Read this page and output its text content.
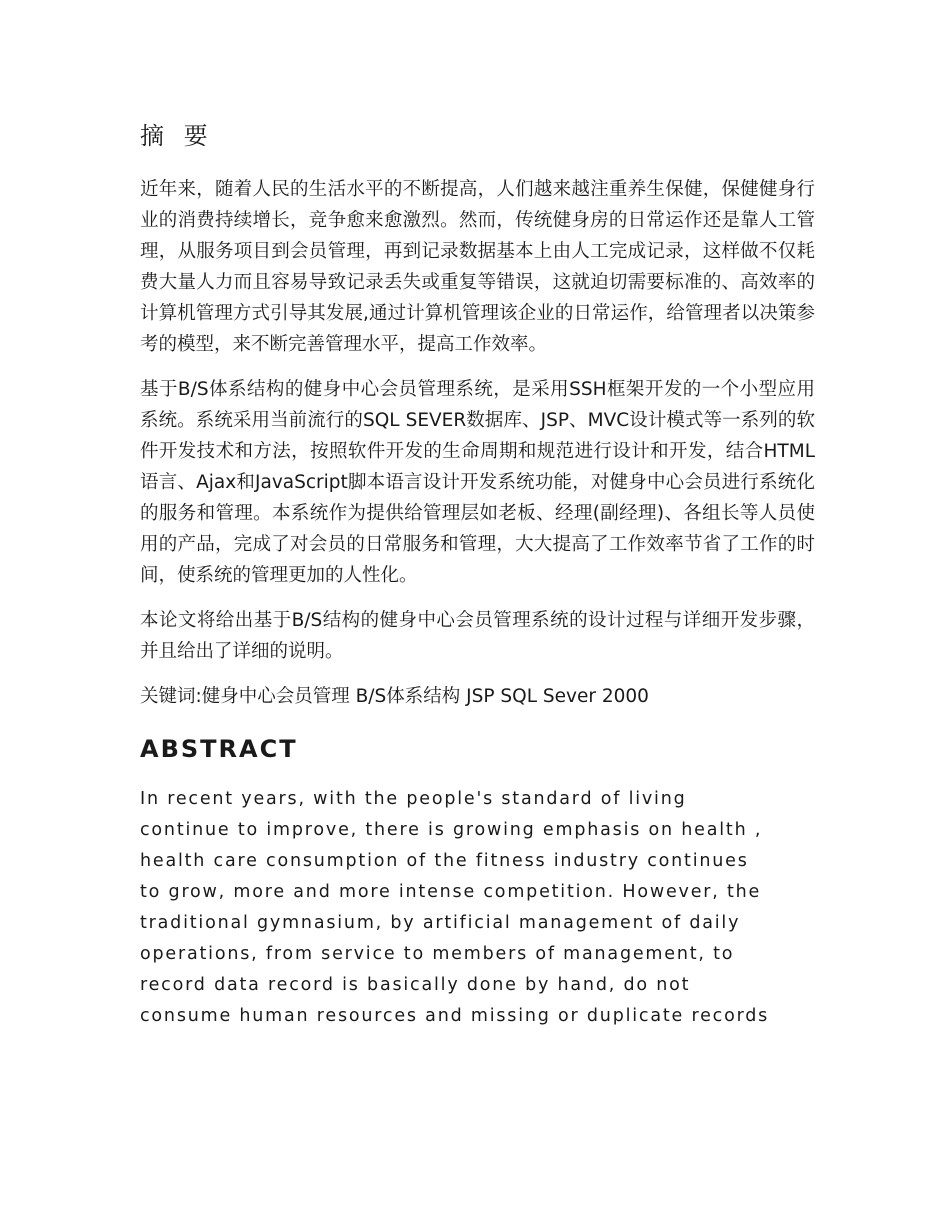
摘 要

近年来，随着人民的生活水平的不断提高，人们越来越注重养生保健，保健健身行业的消费持续增长，竞争愈来愈激烈。然而，传统健身房的日常运作还是靠人工管理，从服务项目到会员管理，再到记录数据基本上由人工完成记录，这样做不仅耗费大量人力而且容易导致记录丢失或重复等错误，这就迫切需要标准的、高效率的计算机管理方式引导其发展,通过计算机管理该企业的日常运作，给管理者以决策参考的模型，来不断完善管理水平，提高工作效率。

基于B/S体系结构的健身中心会员管理系统，是采用SSH框架开发的一个小型应用系统。系统采用当前流行的SQL SEVER数据库、JSP、MVC设计模式等一系列的软件开发技术和方法，按照软件开发的生命周期和规范进行设计和开发，结合HTML语言、Ajax和JavaScript脚本语言设计开发系统功能，对健身中心会员进行系统化的服务和管理。本系统作为提供给管理层如老板、经理(副经理)、各组长等人员使用的产品，完成了对会员的日常服务和管理，大大提高了工作效率节省了工作的时间，使系统的管理更加的人性化。

本论文将给出基于B/S结构的健身中心会员管理系统的设计过程与详细开发步骤，并且给出了详细的说明。

关键词:健身中心会员管理 B/S体系结构 JSP SQL Sever 2000

ABSTRACT

In recent years, with the people's standard of living
continue to improve, there is growing emphasis on health ,
health care consumption of the fitness industry continues
to grow, more and more intense competition. However, the
traditional gymnasium, by artificial management of daily
operations, from service to members of management, to
record data record is basically done by hand, do not
consume human resources and missing or duplicate records
